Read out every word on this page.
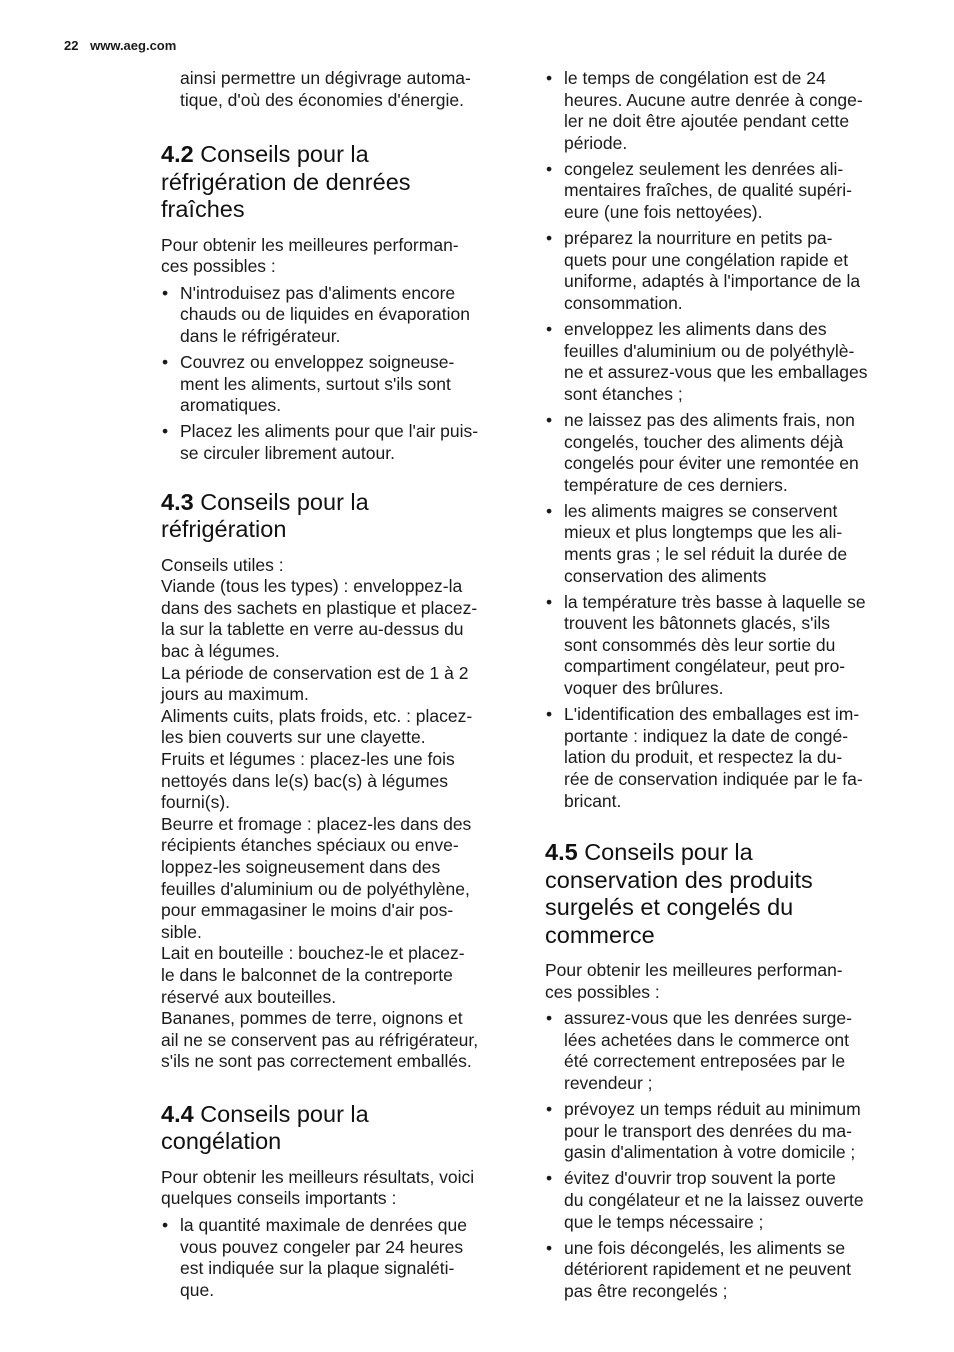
22 www.aeg.com

ainsi permettre un dégivrage automa-
tique, d'où des économies d'énergie.

4.2 Conseils pour la
réfrigération de denrées
fraîches

Pour obtenir les meilleures performan-
ces possibles :

• N'introduisez pas d'aliments encore
chauds ou de liquides en évaporation
dans le réfrigérateur.
• Couvrez ou enveloppez soigneuse-
ment les aliments, surtout s'ils sont
aromatiques.
• Placez les aliments pour que l'air puis-
se circuler librement autour.
4.3 Conseils pour la
réfrigération

Conseils utiles :
Viande (tous les types) : enveloppez-la
dans des sachets en plastique et placez-
la sur la tablette en verre au-dessus du
bac à légumes.
La période de conservation est de 1 à 2
jours au maximum.
Aliments cuits, plats froids, etc. : placez-
les bien couverts sur une clayette.
Fruits et légumes : placez-les une fois
nettoyés dans le(s) bac(s) à légumes
fourni(s).
Beurre et fromage : placez-les dans des
récipients étanches spéciaux ou enve-
loppez-les soigneusement dans des
feuilles d'aluminium ou de polyéthylène,
pour emmagasiner le moins d'air pos-
sible.
Lait en bouteille : bouchez-le et placez-
le dans le balconnet de la contreporte
réservé aux bouteilles.
Bananes, pommes de terre, oignons et
ail ne se conservent pas au réfrigérateur,
s'ils ne sont pas correctement emballés.

4.4 Conseils pour la
congélation

Pour obtenir les meilleurs résultats, voici
quelques conseils importants :

• la quantité maximale de denrées que
vous pouvez congeler par 24 heures
est indiquée sur la plaque signaléti-
que.
• le temps de congélation est de 24
heures. Aucune autre denrée à conge-
ler ne doit être ajoutée pendant cette
période.
• congelez seulement les denrées ali-
mentaires fraîches, de qualité supéri-
eure (une fois nettoyées).
• préparez la nourriture en petits pa-
quets pour une congélation rapide et
uniforme, adaptés à l'importance de la
consommation.
• enveloppez les aliments dans des
feuilles d'aluminium ou de polyéthylè-
ne et assurez-vous que les emballages
sont étanches ;
• ne laissez pas des aliments frais, non
congelés, toucher des aliments déjà
congelés pour éviter une remontée en
température de ces derniers.
• les aliments maigres se conservent
mieux et plus longtemps que les ali-
ments gras ; le sel réduit la durée de
conservation des aliments
• la température très basse à laquelle se
trouvent les bâtonnets glacés, s'ils
sont consommés dès leur sortie du
compartiment congélateur, peut pro-
voquer des brûlures.
• L'identification des emballages est im-
portante : indiquez la date de congé-
lation du produit, et respectez la du-
rée de conservation indiquée par le fa-
bricant.
4.5 Conseils pour la
conservation des produits
surgelés et congelés du
commerce

Pour obtenir les meilleures performan-
ces possibles :

• assurez-vous que les denrées surge-
lées achetées dans le commerce ont
été correctement entreposées par le
revendeur ;
• prévoyez un temps réduit au minimum
pour le transport des denrées du ma-
gasin d'alimentation à votre domicile ;
• évitez d'ouvrir trop souvent la porte
du congélateur et ne la laissez ouverte
que le temps nécessaire ;
• une fois décongelés, les aliments se
détériorent rapidement et ne peuvent
pas être recongelés ;
